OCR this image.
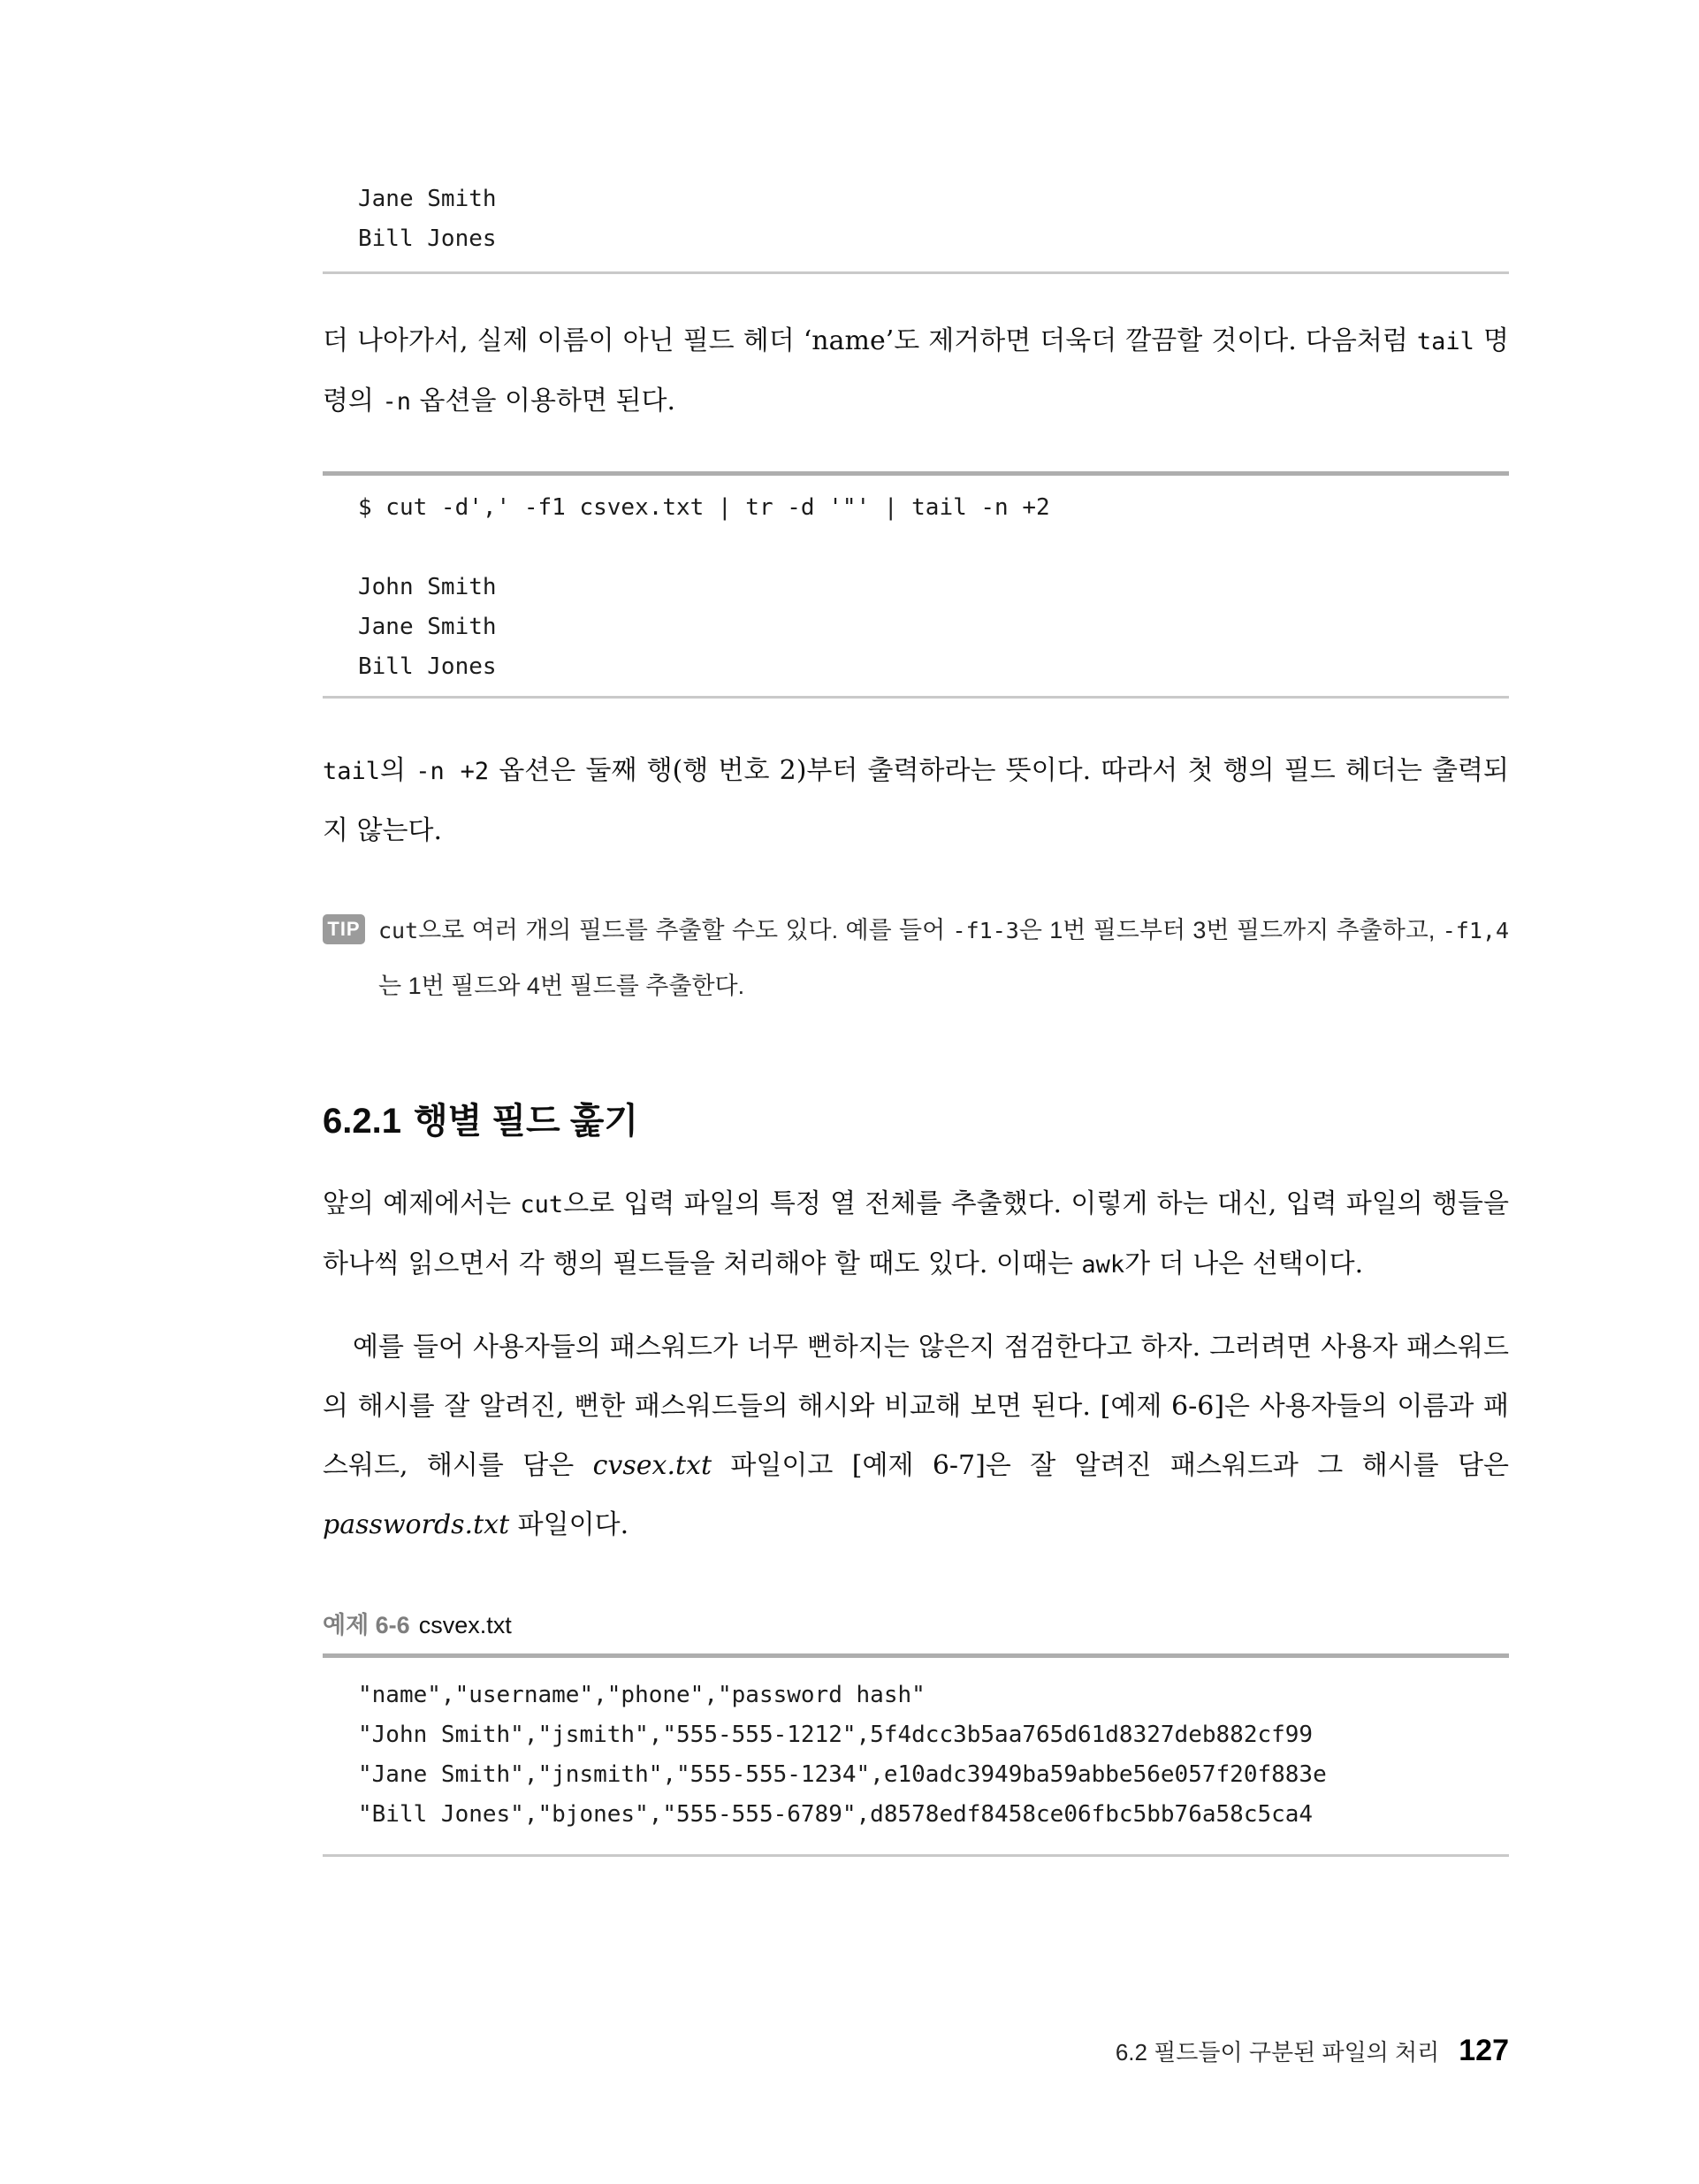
Jane Smith
Bill Jones

더 나아가서, 실제 이름이 아닌 필드 헤더 ‘name’도 제거하면 더욱더 깔끔할 것이다. 다음처럼 tail 명령의 -n 옵션을 이용하면 된다.

$ cut -d',' -f1 csvex.txt | tr -d '"' | tail -n +2
John Smith
Jane Smith
Bill Jones

tail의 -n +2 옵션은 둘째 행(행 번호 2)부터 출력하라는 뜻이다. 따라서 첫 행의 필드 헤더는 출력되지 않는다.

TIP cut으로 여러 개의 필드를 추출할 수도 있다. 예를 들어 -f1-3은 1번 필드부터 3번 필드까지 추출하고, -f1,4는 1번 필드와 4번 필드를 추출한다.
6.2.1 행별 필드 훑기

앞의 예제에서는 cut으로 입력 파일의 특정 열 전체를 추출했다. 이렇게 하는 대신, 입력 파일의 행들을 하나씩 읽으면서 각 행의 필드들을 처리해야 할 때도 있다. 이때는 awk가 더 나은 선택이다.

예를 들어 사용자들의 패스워드가 너무 뻔하지는 않은지 점검한다고 하자. 그러려면 사용자 패스워드의 해시를 잘 알려진, 뻔한 패스워드들의 해시와 비교해 보면 된다. [예제 6-6]은 사용자들의 이름과 패스워드, 해시를 담은 cvsex.txt 파일이고 [예제 6-7]은 잘 알려진 패스워드과 그 해시를 담은 passwords.txt 파일이다.

예제 6-6 csvex.txt
"name","username","phone","password hash"
"John Smith","jsmith","555-555-1212",5f4dcc3b5aa765d61d8327deb882cf99
"Jane Smith","jnsmith","555-555-1234",e10adc3949ba59abbe56e057f20f883e
"Bill Jones","bjones","555-555-6789",d8578edf8458ce06fbc5bb76a58c5ca4
6.2 필드들이 구분된 파일의 처리 127
